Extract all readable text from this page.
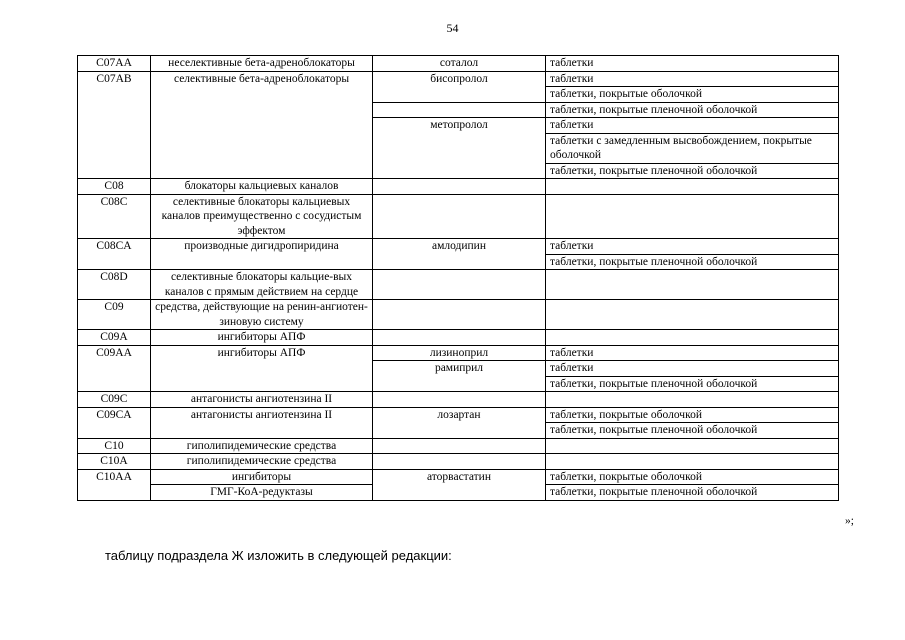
54
C07AA	неселективные бета-адреноблокаторы	соталол	таблетки
C07AB	селективные бета-адреноблокаторы	бисопролол	таблетки
			таблетки, покрытые оболочкой
			таблетки, покрытые пленочной оболочкой
		метопролол	таблетки
			таблетки с замедленным высвобождением, покрытые оболочкой
			таблетки, покрытые пленочной оболочкой
C08	блокаторы кальциевых каналов		
C08C	селективные блокаторы кальциевых каналов преимущественно с сосудистым эффектом		
C08CA	производные дигидропиридина	амлодипин	таблетки
			таблетки, покрытые пленочной оболочкой
C08D	селективные блокаторы кальцие-вых каналов с прямым действием на сердце		
C09	средства, действующие на ренин-ангиотен-зиновую систему		
C09A	ингибиторы АПФ		
C09AA	ингибиторы АПФ	лизиноприл	таблетки
		рамиприл	таблетки
			таблетки, покрытые пленочной оболочкой
C09C	антагонисты ангиотензина II		
C09CA	антагонисты ангиотензина II	лозартан	таблетки, покрытые оболочкой
			таблетки, покрытые пленочной оболочкой
C10	гиполипидемические средства		
C10A	гиполипидемические средства		
C10AA	ингибиторы	аторвастатин	таблетки, покрытые оболочкой
	ГМГ-КоА-редуктазы		таблетки, покрытые пленочной оболочкой
»;
таблицу подраздела Ж изложить в следующей редакции:
